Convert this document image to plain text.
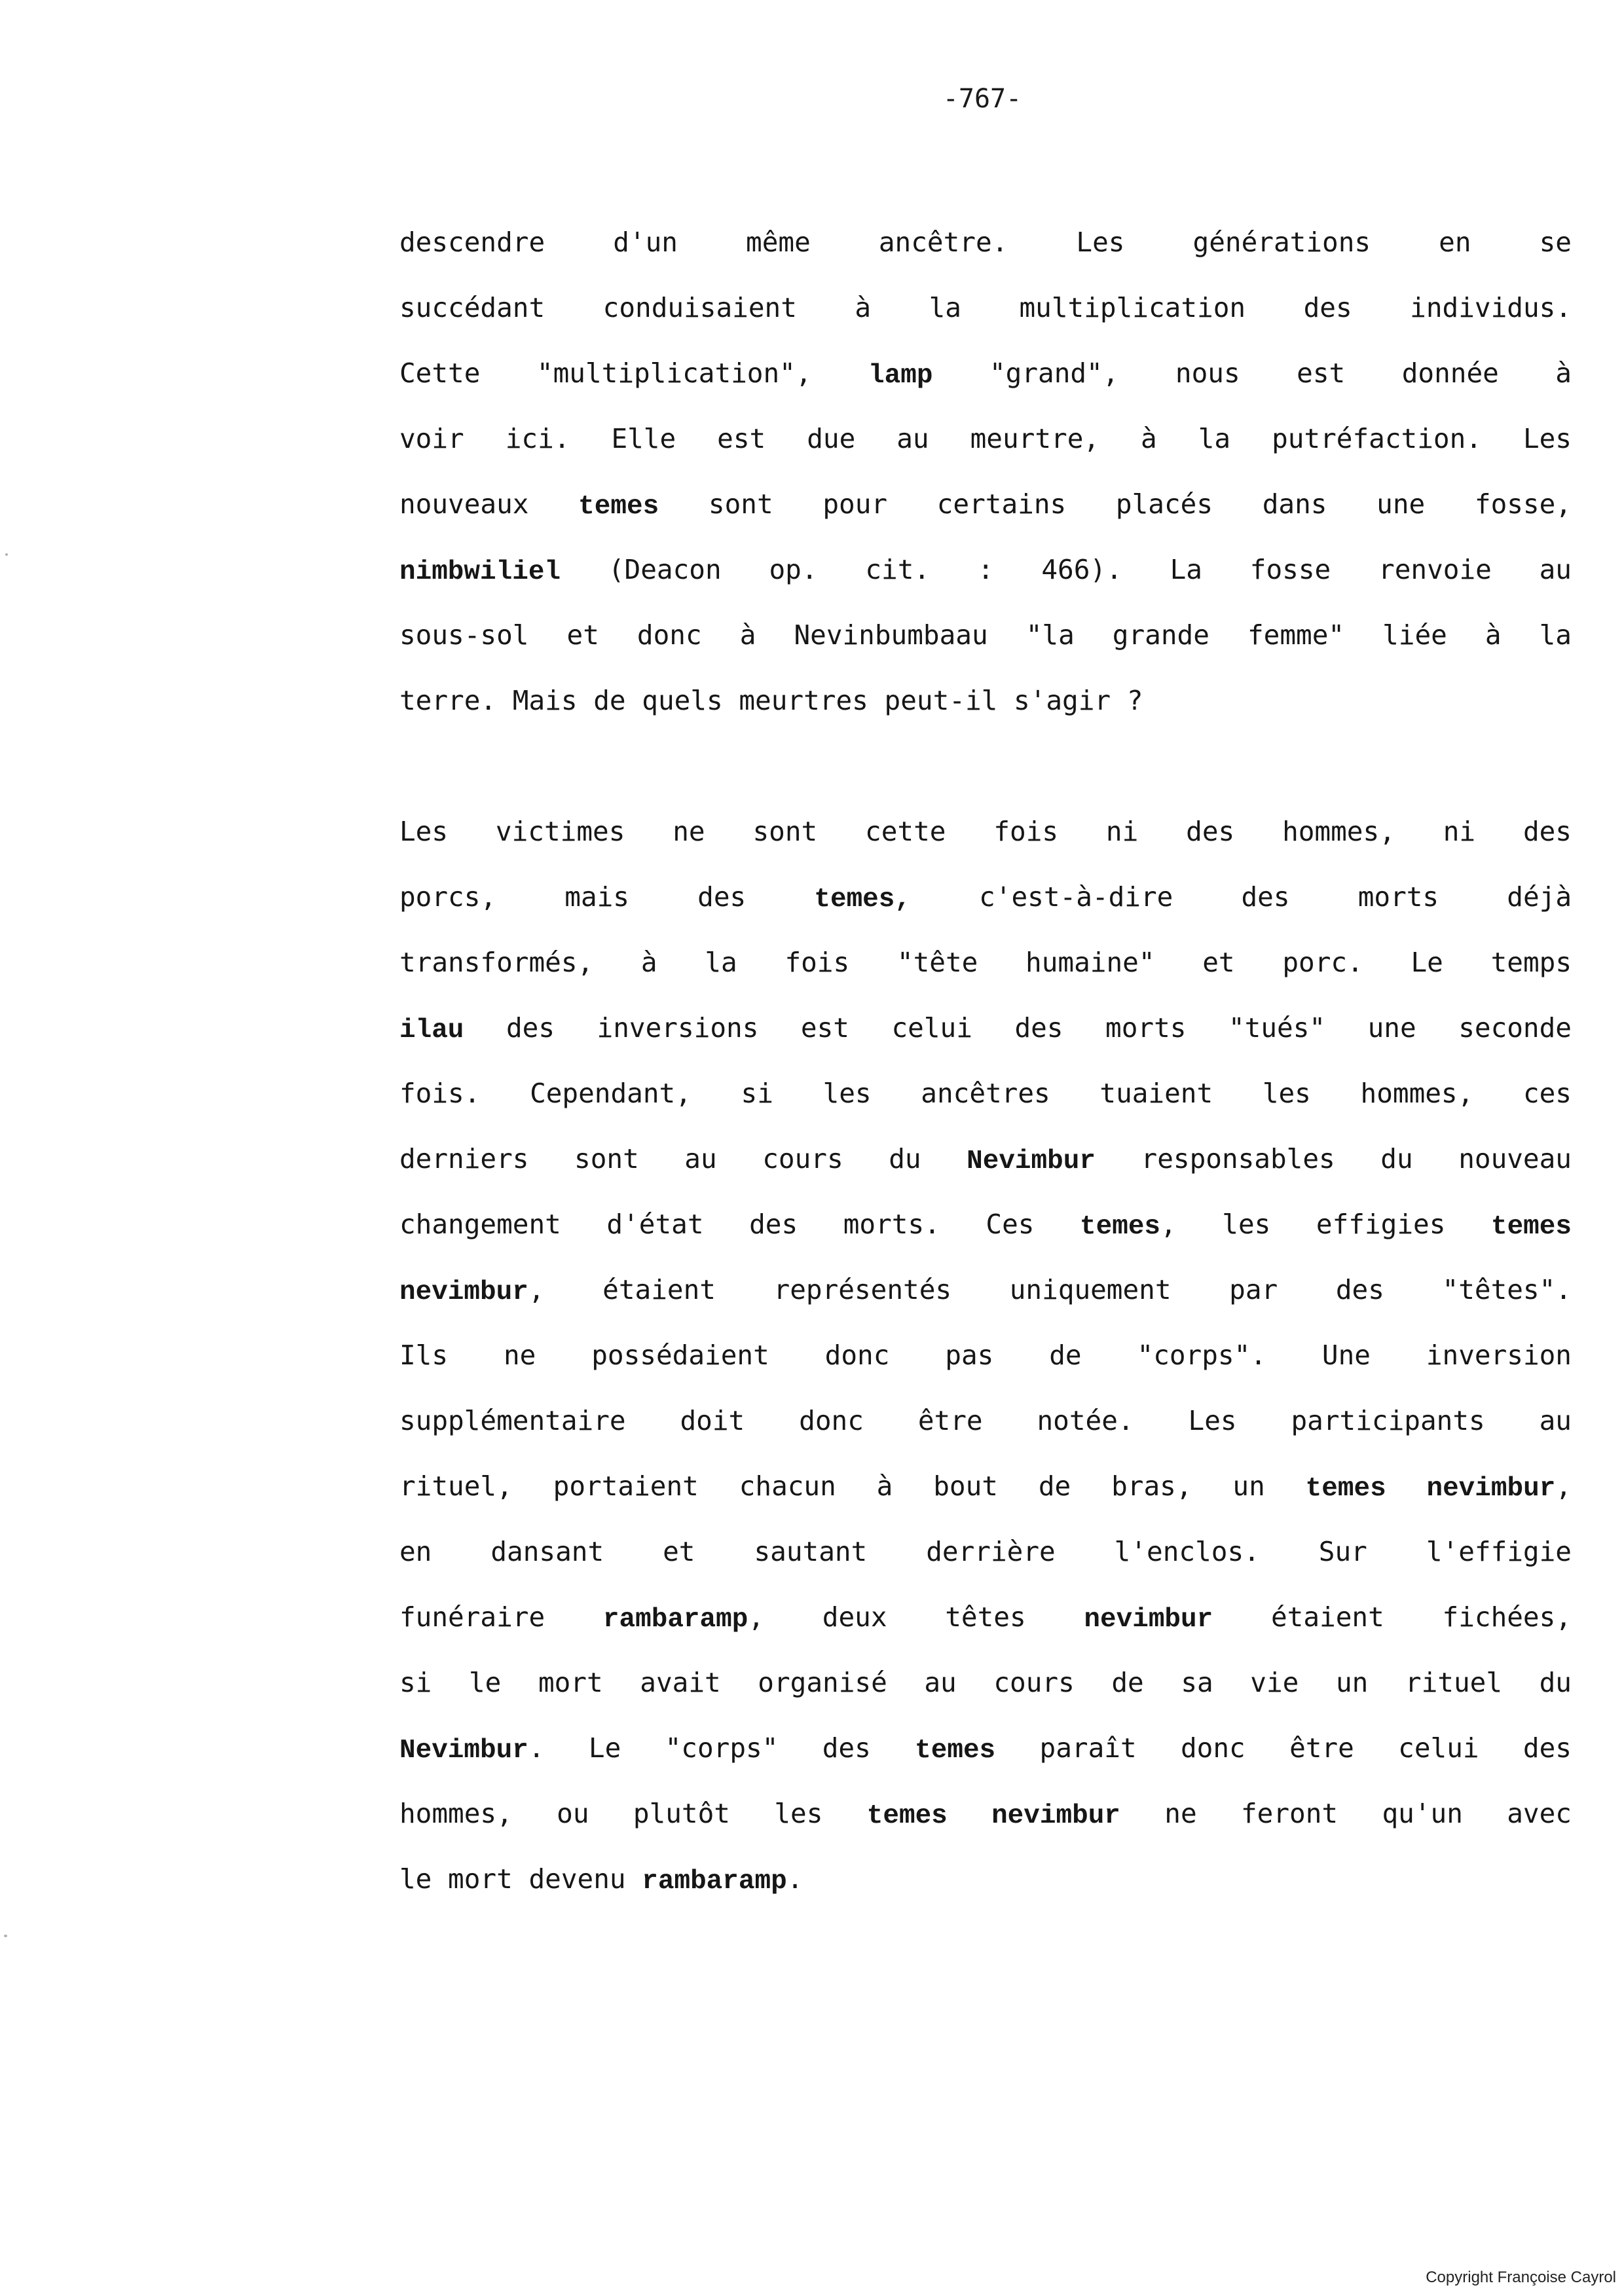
-767-
descendre d'un même ancêtre. Les générations en se
succédant conduisaient à la multiplication des individus.
Cette "multiplication", lamp "grand", nous est donnée à
voir ici. Elle est due au meurtre, à la putréfaction. Les
nouveaux temes sont pour certains placés dans une fosse,
nimbwiliel (Deacon op. cit. : 466). La fosse renvoie au
sous-sol et donc à Nevinbumbaau "la grande femme" liée à la
terre. Mais de quels meurtres peut-il s'agir ?
Les victimes ne sont cette fois ni des hommes, ni des
porcs, mais des temes, c'est-à-dire des morts déjà
transformés, à la fois "tête humaine" et porc. Le temps
ilau des inversions est celui des morts "tués" une seconde
fois. Cependant, si les ancêtres tuaient les hommes, ces
derniers sont au cours du Nevimbur responsables du nouveau
changement d'état des morts. Ces temes, les effigies temes
nevimbur, étaient représentés uniquement par des "têtes".
Ils ne possédaient donc pas de "corps". Une inversion
supplémentaire doit donc être notée. Les participants au
rituel, portaient chacun à bout de bras, un temes nevimbur,
en dansant et sautant derrière l'enclos. Sur l'effigie
funéraire rambaramp, deux têtes nevimbur étaient fichées,
si le mort avait organisé au cours de sa vie un rituel du
Nevimbur. Le "corps" des temes paraît donc être celui des
hommes, ou plutôt les temes nevimbur ne feront qu'un avec
le mort devenu rambaramp.
Copyright Françoise Cayrol
